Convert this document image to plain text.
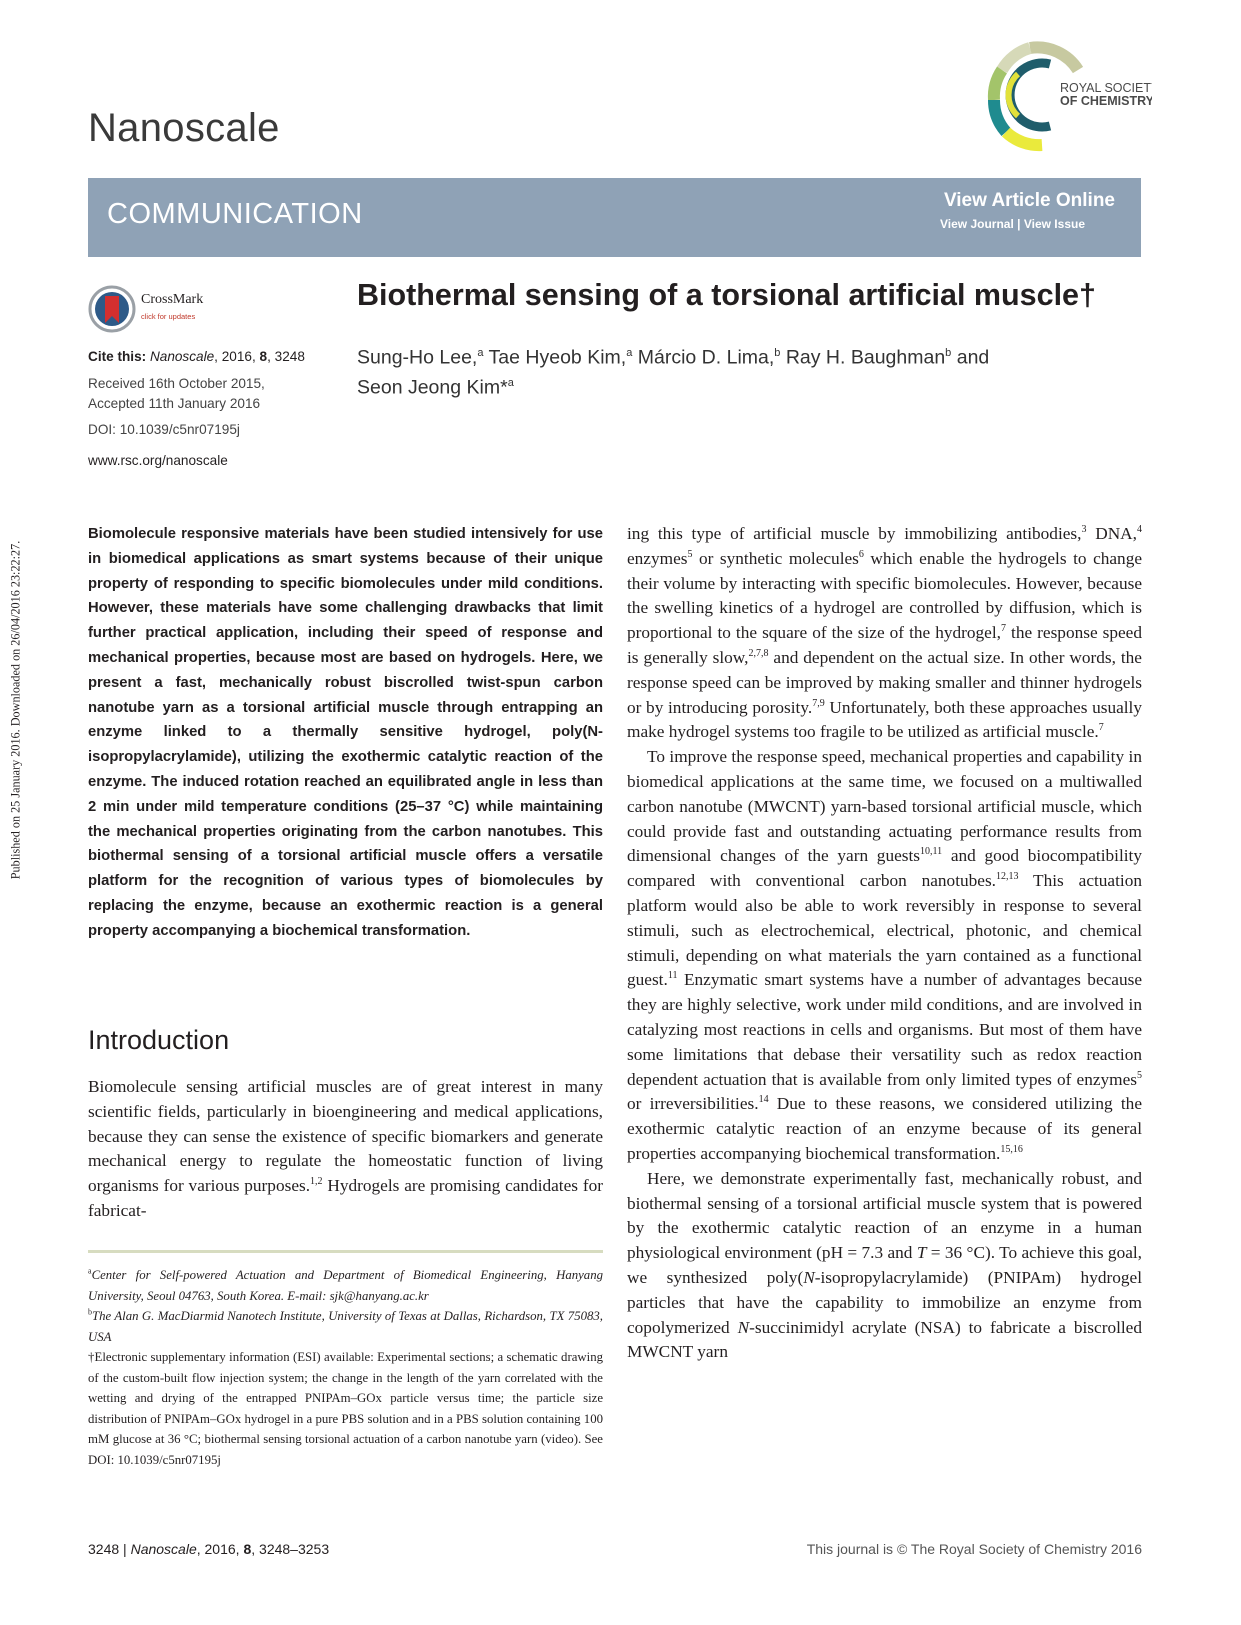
Published on 25 January 2016. Downloaded on 26/04/2016 23:22:27.
Nanoscale
ROYAL SOCIETY
OF CHEMISTRY
COMMUNICATION	View Article Online
View Journal | View Issue
CrossMark
click for updates
Cite this: Nanoscale, 2016, 8, 3248
Received 16th October 2015,
Accepted 11th January 2016
DOI: 10.1039/c5nr07195j
www.rsc.org/nanoscale
Biothermal sensing of a torsional artificial muscle†
Sung-Ho Lee,$^a$ Tae Hyeob Kim,$^a$ Márcio D. Lima,$^b$ Ray H. Baughman$^b$ and
Seon Jeong Kim*$^a$
Biomolecule responsive materials have been studied intensively for use in biomedical applications as smart systems because of their unique property of responding to specific biomolecules under mild conditions. However, these materials have some challenging drawbacks that limit further practical application, including their speed of response and mechanical properties, because most are based on hydrogels. Here, we present a fast, mechanically robust biscrolled twist-spun carbon nanotube yarn as a torsional artificial muscle through entrapping an enzyme linked to a thermally sensitive hydrogel, poly(N-isopropylacrylamide), utilizing the exothermic catalytic reaction of the enzyme. The induced rotation reached an equilibrated angle in less than 2 min under mild temperature conditions (25–37 °C) while maintaining the mechanical properties originating from the carbon nanotubes. This biothermal sensing of a torsional artificial muscle offers a versatile platform for the recognition of various types of biomolecules by replacing the enzyme, because an exothermic reaction is a general property accompanying a biochemical transformation.
Introduction
Biomolecule sensing artificial muscles are of great interest in many scientific fields, particularly in bioengineering and medical applications, because they can sense the existence of specific biomarkers and generate mechanical energy to regulate the homeostatic function of living organisms for various purposes.$^{1,2}$ Hydrogels are promising candidates for fabricat-

$^a$Center for Self-powered Actuation and Department of Biomedical Engineering, Hanyang University, Seoul 04763, South Korea. E-mail: sjk@hanyang.ac.kr

$^b$The Alan G. MacDiarmid Nanotech Institute, University of Texas at Dallas, Richardson, TX 75083, USA

†Electronic supplementary information (ESI) available: Experimental sections; a schematic drawing of the custom-built flow injection system; the change in the length of the yarn correlated with the wetting and drying of the entrapped PNIPAm–GOx particle versus time; the particle size distribution of PNIPAm–GOx hydrogel in a pure PBS solution and in a PBS solution containing 100 mM glucose at 36 °C; biothermal sensing torsional actuation of a carbon nanotube yarn (video). See DOI: 10.1039/c5nr07195j

ing this type of artificial muscle by immobilizing antibodies,$^3$ DNA,$^4$ enzymes$^5$ or synthetic molecules$^6$ which enable the hydrogels to change their volume by interacting with specific biomolecules. However, because the swelling kinetics of a hydrogel are controlled by diffusion, which is proportional to the square of the size of the hydrogel,$^7$ the response speed is generally slow,$^{2,7,8}$ and dependent on the actual size. In other words, the response speed can be improved by making smaller and thinner hydrogels or by introducing porosity.$^{7,9}$ Unfortunately, both these approaches usually make hydrogel systems too fragile to be utilized as artificial muscle.$^7$

To improve the response speed, mechanical properties and capability in biomedical applications at the same time, we focused on a multiwalled carbon nanotube (MWCNT) yarn-based torsional artificial muscle, which could provide fast and outstanding actuating performance results from dimensional changes of the yarn guests$^{10,11}$ and good biocompatibility compared with conventional carbon nanotubes.$^{12,13}$ This actuation platform would also be able to work reversibly in response to several stimuli, such as electrochemical, electrical, photonic, and chemical stimuli, depending on what materials the yarn contained as a functional guest.$^{11}$ Enzymatic smart systems have a number of advantages because they are highly selective, work under mild conditions, and are involved in catalyzing most reactions in cells and organisms. But most of them have some limitations that debase their versatility such as redox reaction dependent actuation that is available from only limited types of enzymes$^5$ or irreversibilities.$^{14}$ Due to these reasons, we considered utilizing the exothermic catalytic reaction of an enzyme because of its general properties accompanying biochemical transformation.$^{15,16}$

Here, we demonstrate experimentally fast, mechanically robust, and biothermal sensing of a torsional artificial muscle system that is powered by the exothermic catalytic reaction of an enzyme in a human physiological environment (pH = 7.3 and T = 36 °C). To achieve this goal, we synthesized poly(N-isopropylacrylamide) (PNIPAm) hydrogel particles that have the capability to immobilize an enzyme from copolymerized N-succinimidyl acrylate (NSA) to fabricate a biscrolled MWCNT yarn

3248 | Nanoscale, 2016, 8, 3248–3253	This journal is © The Royal Society of Chemistry 2016
